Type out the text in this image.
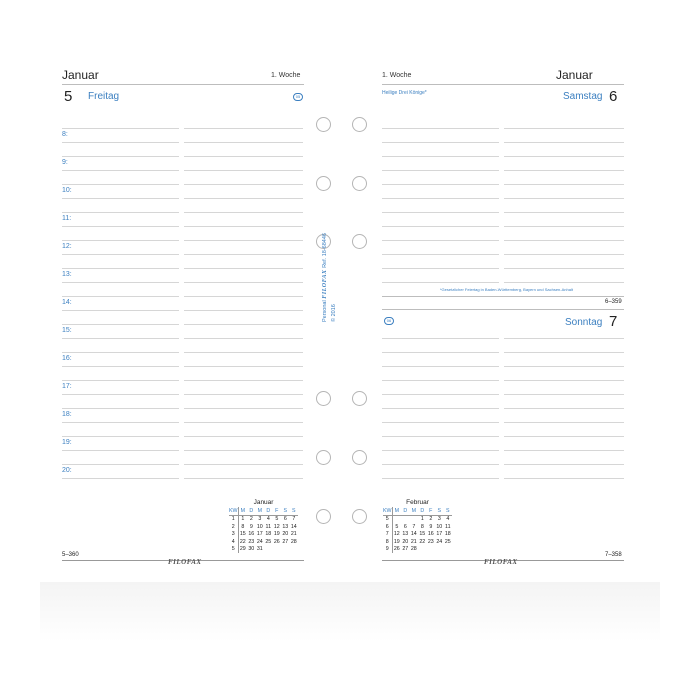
Januar	1. Woche
5 Freitag	05
8:
9:
10:
11:
12:
13:
14:
15:
16:
17:
18:
19:
20:
Januar
KW	M	D	M	D	F	S	S
1	1	2	3	4	5	6	7
2	8	9	10	11	12	13	14
3	15	16	17	18	19	20	21
4	22	23	24	25	26	27	28
5	29	30	31				
5–360
FILOFAX
Personal FILOFAX Ref. 18-68446
© 2016
1. Woche	Januar
Heilige Drei Könige*	Samstag 6
*Gesetzlicher Feiertag in Baden-Württemberg, Bayern und Sachsen-Anhalt
6–359
06	Sonntag 7
Februar
KW	M	D	M	D	F	S	S
5				1	2	3	4
6	5	6	7	8	9	10	11
7	12	13	14	15	16	17	18
8	19	20	21	22	23	24	25
9	26	27	28				
FILOFAX
7–358
